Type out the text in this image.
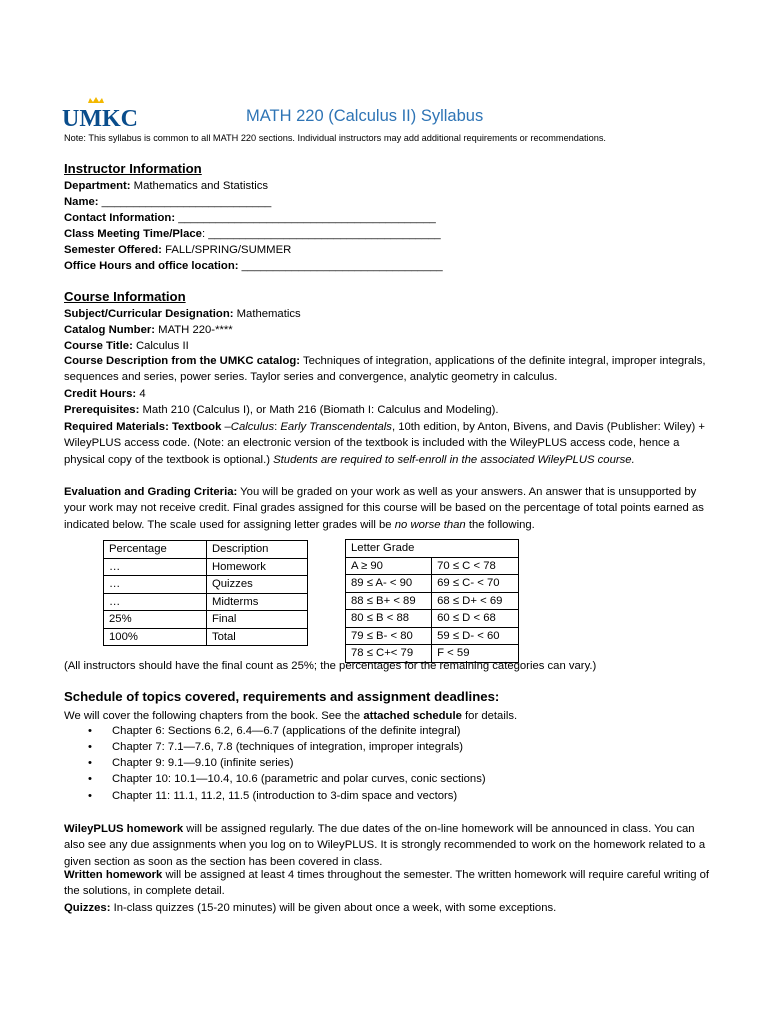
UMKC	MATH 220 (Calculus II) Syllabus
Note: This syllabus is common to all MATH 220 sections. Individual instructors may add additional requirements or recommendations.
Instructor Information
Department: Mathematics and Statistics
Name: ___________________________
Contact Information: _________________________________________
Class Meeting Time/Place: _____________________________________
Semester Offered: FALL/SPRING/SUMMER
Office Hours and office location: ________________________________
Course Information
Subject/Curricular Designation: Mathematics
Catalog Number: MATH 220-****
Course Title: Calculus II
Course Description from the UMKC catalog: Techniques of integration, applications of the definite integral, improper integrals, sequences and series, power series. Taylor series and convergence, analytic geometry in calculus.
Credit Hours: 4
Prerequisites: Math 210 (Calculus I), or Math 216 (Biomath I: Calculus and Modeling).
Required Materials: Textbook –Calculus: Early Transcendentals, 10th edition, by Anton, Bivens, and Davis (Publisher: Wiley) + WileyPLUS access code. (Note: an electronic version of the textbook is included with the WileyPLUS access code, hence a physical copy of the textbook is optional.) Students are required to self-enroll in the associated WileyPLUS course.
Evaluation and Grading Criteria: You will be graded on your work as well as your answers. An answer that is unsupported by your work may not receive credit. Final grades assigned for this course will be based on the percentage of total points earned as indicated below. The scale used for assigning letter grades will be no worse than the following.
Percentage	Description
…	Homework
…	Quizzes
…	Midterms
25%	Final
100%	Total
Letter Grade	
A ≥ 90	70 ≤ C < 78
89 ≤ A- < 90	69 ≤ C- < 70
88 ≤ B+ < 89	68 ≤ D+ < 69
80 ≤ B < 88	60 ≤ D < 68
79 ≤ B- < 80	59 ≤ D- < 60
78 ≤ C+< 79	F < 59
(All instructors should have the final count as 25%; the percentages for the remaining categories can vary.)
Schedule of topics covered, requirements and assignment deadlines:
We will cover the following chapters from the book. See the attached schedule for details.
• Chapter 6: Sections 6.2, 6.4—6.7 (applications of the definite integral)
• Chapter 7: 7.1—7.6, 7.8 (techniques of integration, improper integrals)
• Chapter 9: 9.1—9.10 (infinite series)
• Chapter 10: 10.1—10.4, 10.6 (parametric and polar curves, conic sections)
• Chapter 11: 11.1, 11.2, 11.5 (introduction to 3-dim space and vectors)
WileyPLUS homework will be assigned regularly. The due dates of the on-line homework will be announced in class. You can also see any due assignments when you log on to WileyPLUS. It is strongly recommended to work on the homework related to a given section as soon as the section has been covered in class.
Written homework will be assigned at least 4 times throughout the semester. The written homework will require careful writing of the solutions, in complete detail.
Quizzes: In-class quizzes (15-20 minutes) will be given about once a week, with some exceptions.
